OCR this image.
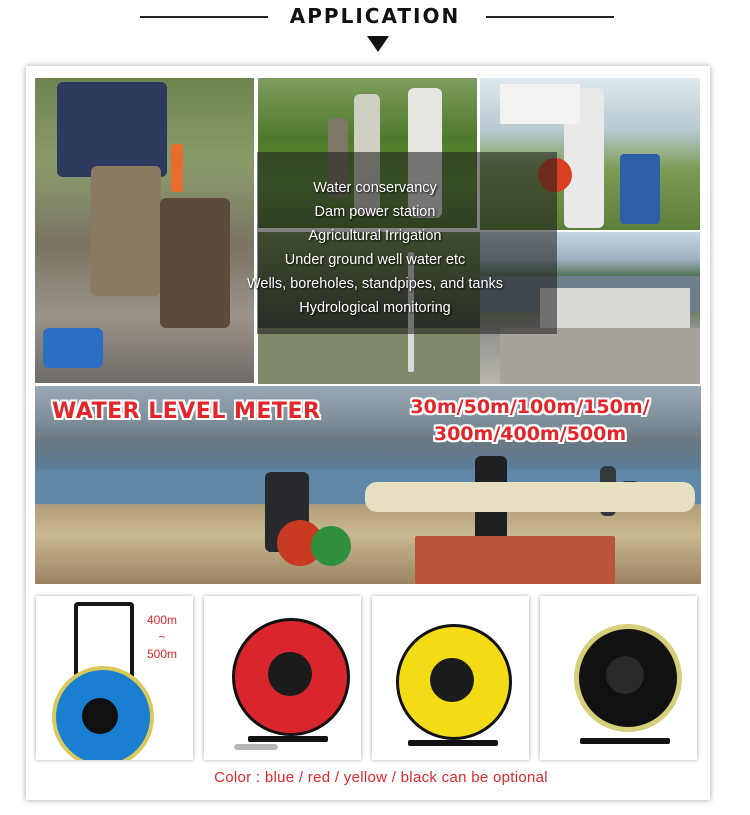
APPLICATION
Water conservancy
Dam power station
Agricultural Irrigation
Under ground well water etc
Wells, boreholes, standpipes, and tanks
Hydrological monitoring
WATER LEVEL METER	30m/50m/100m/150m/
300m/400m/500m
400m
~
500m
Color : blue / red / yellow / black can be optional
